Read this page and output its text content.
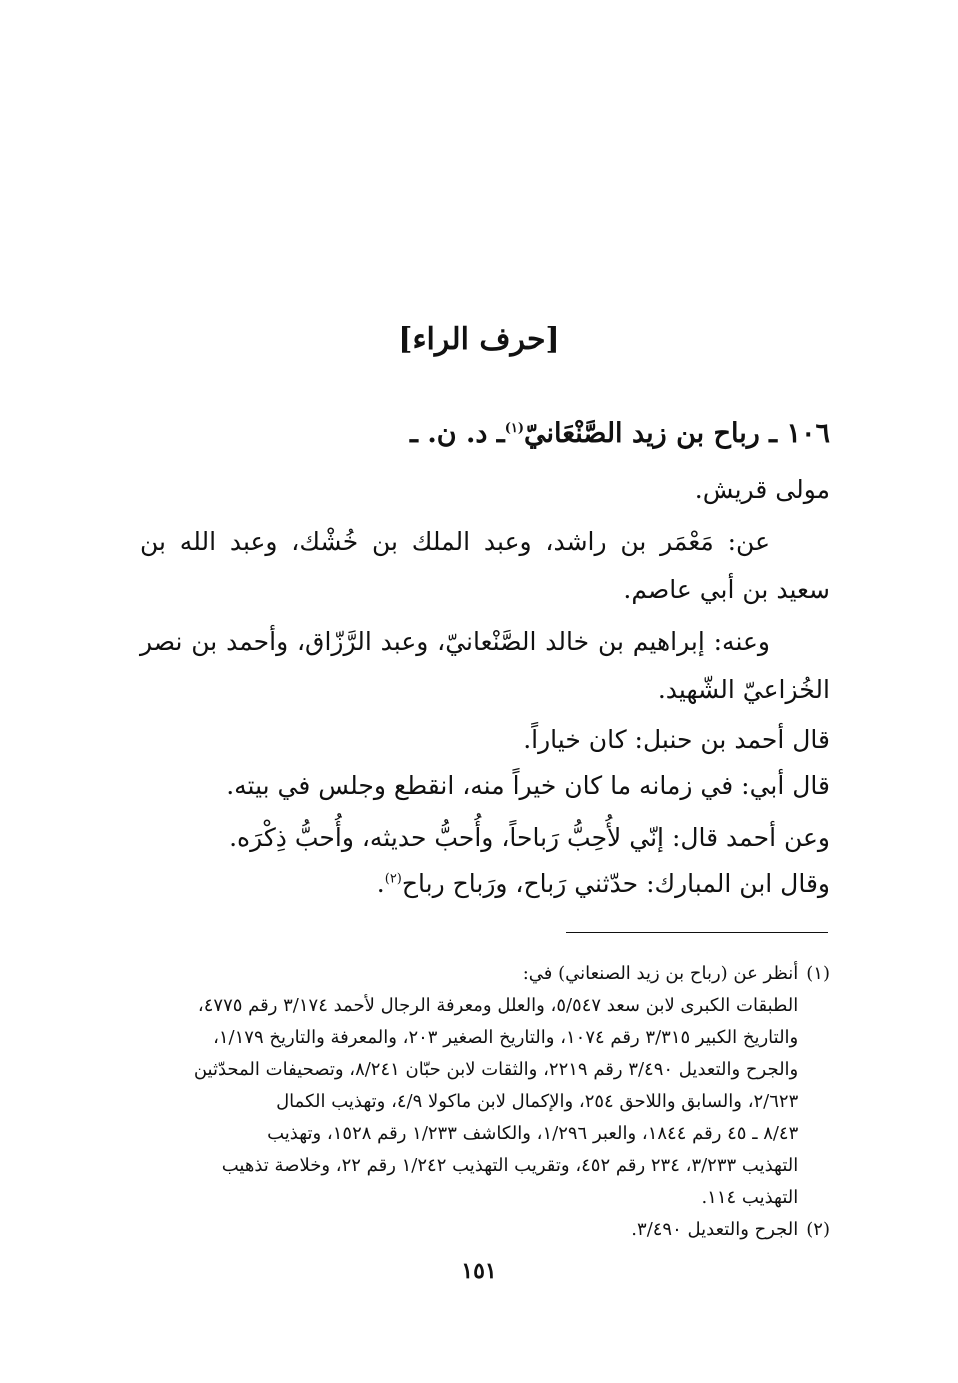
[حرف الراء]
١٠٦ ـ رباح بن زيد الصَّنْعَانيّ$^{(١)}$ـ د. ن. ـ
مولى قريش.
عن: مَعْمَر بن راشد، وعبد الملك بن خُشْك، وعبد الله بن سعيد بن أبي عاصم.
وعنه: إبراهيم بن خالد الصَّنْعانيّ، وعبد الرَّزّاق، وأحمد بن نصر الخُزاعيّ الشّهيد.
قال أحمد بن حنبل: كان خياراً.
قال أبي: في زمانه ما كان خيراً منه، انقطع وجلس في بيته.
وعن أحمد قال: إنّي لأُحِبُّ رَباحاً، وأُحبُّ حديثه، وأُحبُّ ذِكْرَه.
وقال ابن المبارك: حدّثني رَباح، ورَباح رباح$^{(٢)}$.
(١)
أنظر عن (رباح بن زيد الصنعاني) في:
الطبقات الكبرى لابن سعد ٥/٥٤٧، والعلل ومعرفة الرجال لأحمد ٣/١٧٤ رقم ٤٧٧٥،
والتاريخ الكبير ٣/٣١٥ رقم ١٠٧٤، والتاريخ الصغير ٢٠٣، والمعرفة والتاريخ ١/١٧٩،
والجرح والتعديل ٣/٤٩٠ رقم ٢٢١٩، والثقات لابن حبّان ٨/٢٤١، وتصحيفات المحدّثين
٢/٦٢٣، والسابق واللاحق ٢٥٤، والإكمال لابن ماكولا ٤/٩، وتهذيب الكمال
٨/٤٣ ـ ٤٥ رقم ١٨٤٤، والعبر ١/٢٩٦، والكاشف ١/٢٣٣ رقم ١٥٢٨، وتهذيب
التهذيب ٣/٢٣٣، ٢٣٤ رقم ٤٥٢، وتقريب التهذيب ١/٢٤٢ رقم ٢٢، وخلاصة تذهيب
التهذيب ١١٤.
(٢)
الجرح والتعديل ٣/٤٩٠.
١٥١
